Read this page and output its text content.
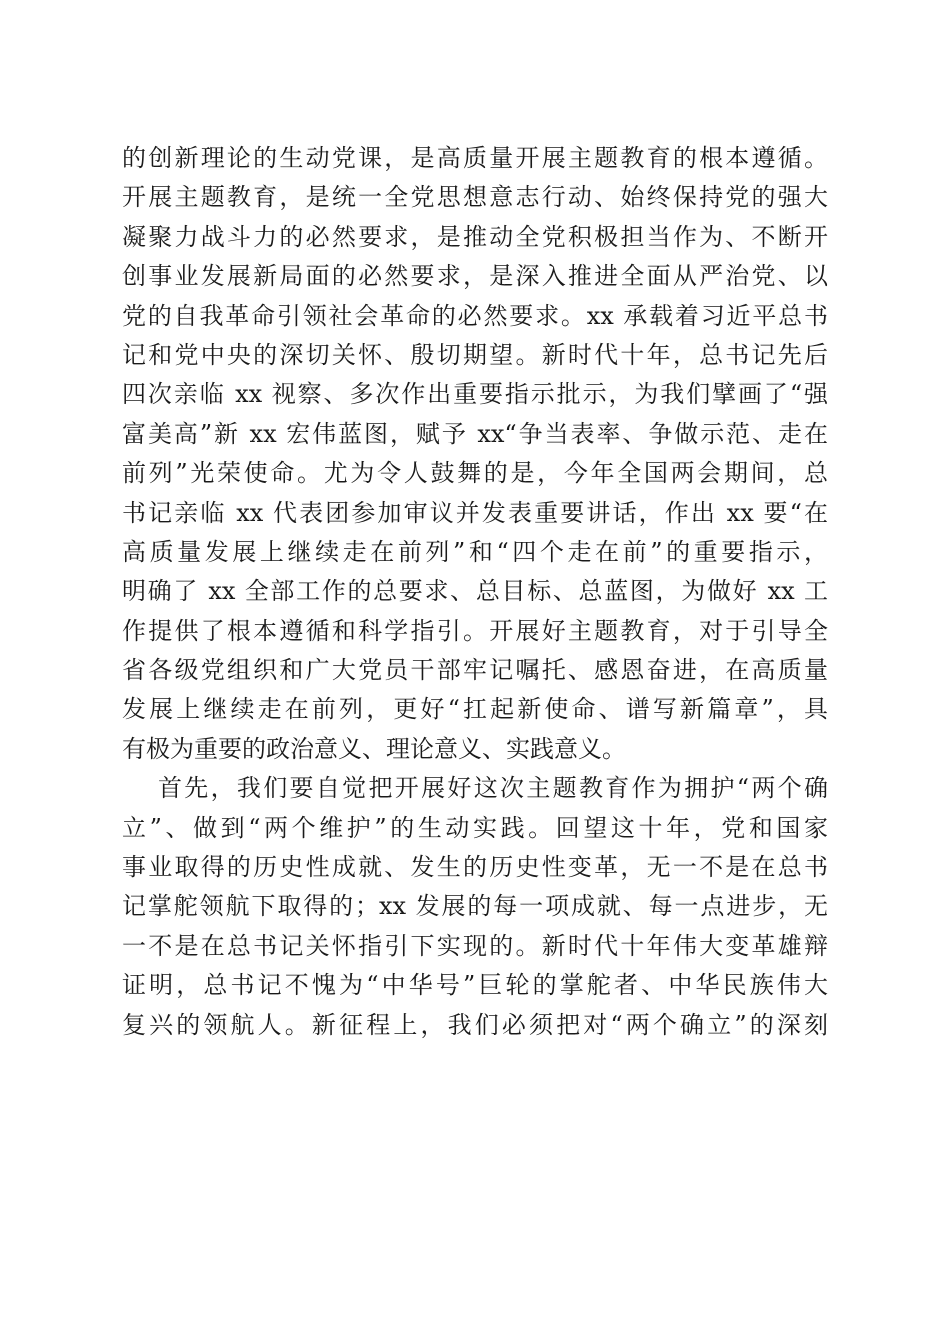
的创新理论的生动党课，是高质量开展主题教育的根本遵循。
开展主题教育，是统一全党思想意志行动、始终保持党的强大
凝聚力战斗力的必然要求，是推动全党积极担当作为、不断开
创事业发展新局面的必然要求，是深入推进全面从严治党、以
党的自我革命引领社会革命的必然要求。xx 承载着习近平总书
记和党中央的深切关怀、殷切期望。新时代十年，总书记先后
四次亲临 xx 视察、多次作出重要指示批示，为我们擘画了“强
富美高”新 xx 宏伟蓝图，赋予 xx“争当表率、争做示范、走在
前列”光荣使命。尤为令人鼓舞的是，今年全国两会期间，总
书记亲临 xx 代表团参加审议并发表重要讲话，作出 xx 要“在
高质量发展上继续走在前列”和“四个走在前”的重要指示，
明确了 xx 全部工作的总要求、总目标、总蓝图，为做好 xx 工
作提供了根本遵循和科学指引。开展好主题教育，对于引导全
省各级党组织和广大党员干部牢记嘱托、感恩奋进，在高质量
发展上继续走在前列，更好“扛起新使命、谱写新篇章”，具
有极为重要的政治意义、理论意义、实践意义。
首先，我们要自觉把开展好这次主题教育作为拥护“两个确
立”、做到“两个维护”的生动实践。回望这十年，党和国家
事业取得的历史性成就、发生的历史性变革，无一不是在总书
记掌舵领航下取得的；xx 发展的每一项成就、每一点进步，无
一不是在总书记关怀指引下实现的。新时代十年伟大变革雄辩
证明，总书记不愧为“中华号”巨轮的掌舵者、中华民族伟大
复兴的领航人。新征程上，我们必须把对“两个确立”的深刻
